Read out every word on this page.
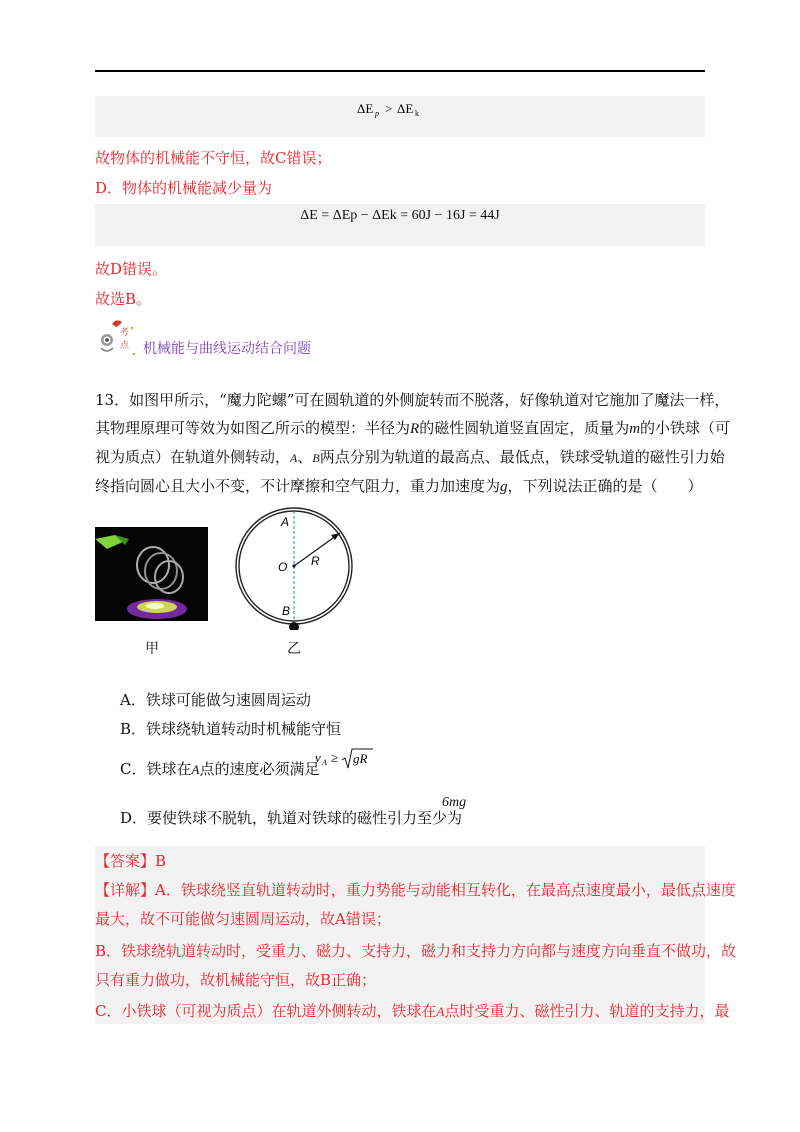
ΔE p > ΔE k
故物体的机械能不守恒，故C错误；
D．物体的机械能减少量为
ΔE = ΔEp − ΔEk = 60J − 16J = 44J
故D错误。
故选B。
考
点 机械能与曲线运动结合问题
13．如图甲所示，“魔力陀螺”可在圆轨道的外侧旋转而不脱落，好像轨道对它施加了魔法一样，
其物理原理可等效为如图乙所示的模型：半径为R的磁性圆轨道竖直固定，质量为m的小铁球（可
视为质点）在轨道外侧转动，A、B两点分别为轨道的最高点、最低点，铁球受轨道的磁性引力始
终指向圆心且大小不变，不计摩擦和空气阻力，重力加速度为g，下列说法正确的是（　　）
甲
A
O R
B
乙
A．铁球可能做匀速圆周运动
B．铁球绕轨道转动时机械能守恒
C．铁球在A点的速度必须满足
v A ≥ gR
D．要使铁球不脱轨，轨道对铁球的磁性引力至少为
6mg
【答案】B
【详解】A．铁球绕竖直轨道转动时，重力势能与动能相互转化，在最高点速度最小，最低点速度
最大，故不可能做匀速圆周运动，故A错误；
B．铁球绕轨道转动时，受重力、磁力、支持力，磁力和支持力方向都与速度方向垂直不做功，故
只有重力做功，故机械能守恒，故B正确；
C．小铁球（可视为质点）在轨道外侧转动，铁球在A点时受重力、磁性引力、轨道的支持力，最
